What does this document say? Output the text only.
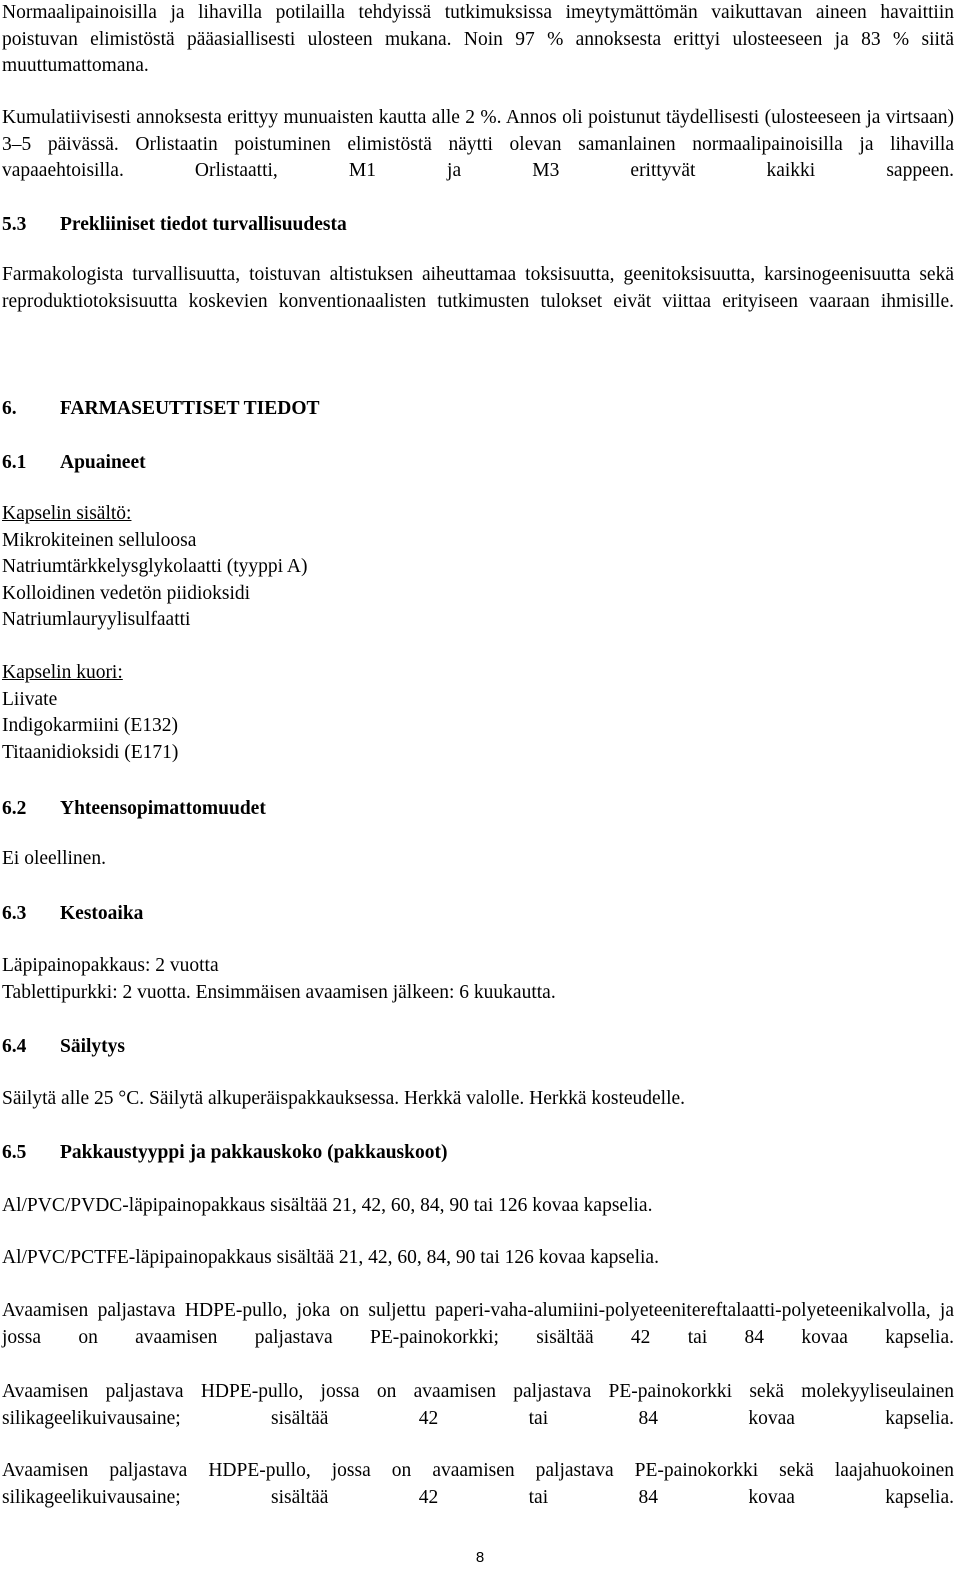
Normaalipainoisilla ja lihavilla potilailla tehdyissä tutkimuksissa imeytymättömän vaikuttavan aineen havaittiin poistuvan elimistöstä pääasiallisesti ulosteen mukana. Noin 97 % annoksesta erittyi ulosteeseen ja 83 % siitä muuttumattomana.

Kumulatiivisesti annoksesta erittyy munuaisten kautta alle 2 %. Annos oli poistunut täydellisesti (ulosteeseen ja virtsaan) 3–5 päivässä. Orlistaatin poistuminen elimistöstä näytti olevan samanlainen normaalipainoisilla ja lihavilla vapaaehtoisilla. Orlistaatti, M1 ja M3 erittyvät kaikki sappeen.

5.3 Prekliiniset tiedot turvallisuudesta

Farmakologista turvallisuutta, toistuvan altistuksen aiheuttamaa toksisuutta, geenitoksisuutta, karsinogeenisuutta sekä reproduktiotoksisuutta koskevien konventionaalisten tutkimusten tulokset eivät viittaa erityiseen vaaraan ihmisille.

6. FARMASEUTTISET TIEDOT
6.1 Apuaineet
Kapselin sisältö:
Mikrokiteinen selluloosa
Natriumtärkkelysglykolaatti (tyyppi A)
Kolloidinen vedetön piidioksidi
Natriumlauryylisulfaatti
Kapselin kuori:
Liivate
Indigokarmiini (E132)
Titaanidioksidi (E171)
6.2 Yhteensopimattomuudet

Ei oleellinen.

6.3 Kestoaika
Läpipainopakkaus: 2 vuotta
Tablettipurkki: 2 vuotta. Ensimmäisen avaamisen jälkeen: 6 kuukautta.
6.4 Säilytys

Säilytä alle 25 °C. Säilytä alkuperäispakkauksessa. Herkkä valolle. Herkkä kosteudelle.

6.5 Pakkaustyyppi ja pakkauskoko (pakkauskoot)

Al/PVC/PVDC-läpipainopakkaus sisältää 21, 42, 60, 84, 90 tai 126 kovaa kapselia.

Al/PVC/PCTFE-läpipainopakkaus sisältää 21, 42, 60, 84, 90 tai 126 kovaa kapselia.

Avaamisen paljastava HDPE-pullo, joka on suljettu paperi-vaha-alumiini-polyeteenitereftalaatti-polyeteenikalvolla, ja jossa on avaamisen paljastava PE-painokorkki; sisältää 42 tai 84 kovaa kapselia.

Avaamisen paljastava HDPE-pullo, jossa on avaamisen paljastava PE-painokorkki sekä molekyyliseulainen silikageelikuivausaine; sisältää 42 tai 84 kovaa kapselia.

Avaamisen paljastava HDPE-pullo, jossa on avaamisen paljastava PE-painokorkki sekä laajahuokoinen silikageelikuivausaine; sisältää 42 tai 84 kovaa kapselia.

8
